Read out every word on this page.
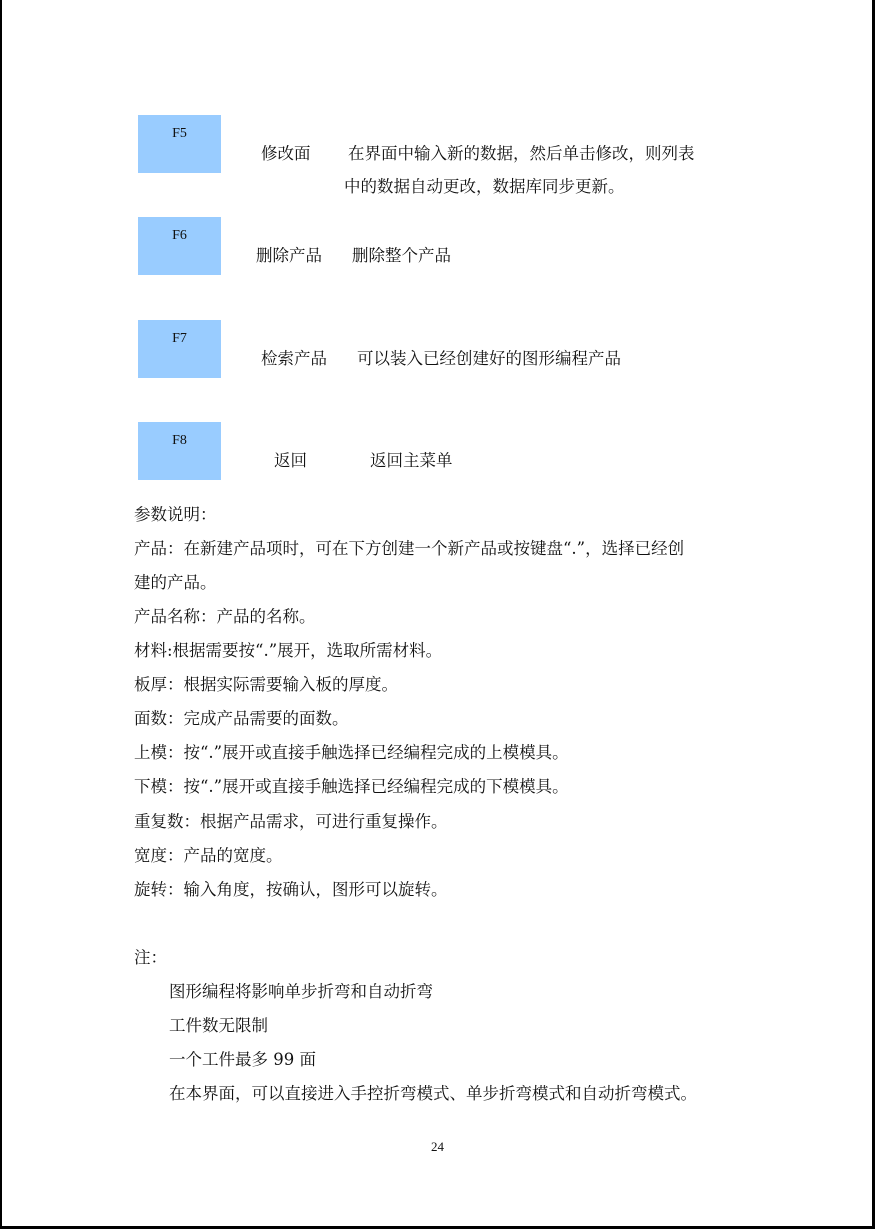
F5
修改面 在界面中输入新的数据，然后单击修改，则列表
中的数据自动更改，数据库同步更新。
F6
删除产品 删除整个产品
F7
检索产品 可以装入已经创建好的图形编程产品
F8
返回	返回主菜单
参数说明：
产品：在新建产品项时，可在下方创建一个新产品或按键盘“.”，选择已经创
建的产品。
产品名称：产品的名称。
材料:根据需要按“.”展开，选取所需材料。
板厚：根据实际需要输入板的厚度。
面数：完成产品需要的面数。
上模：按“.”展开或直接手触选择已经编程完成的上模模具。
下模：按“.”展开或直接手触选择已经编程完成的下模模具。
重复数：根据产品需求，可进行重复操作。
宽度：产品的宽度。
旋转：输入角度，按确认，图形可以旋转。
注：
图形编程将影响单步折弯和自动折弯
工件数无限制
一个工件最多 99 面
在本界面，可以直接进入手控折弯模式、单步折弯模式和自动折弯模式。
24
